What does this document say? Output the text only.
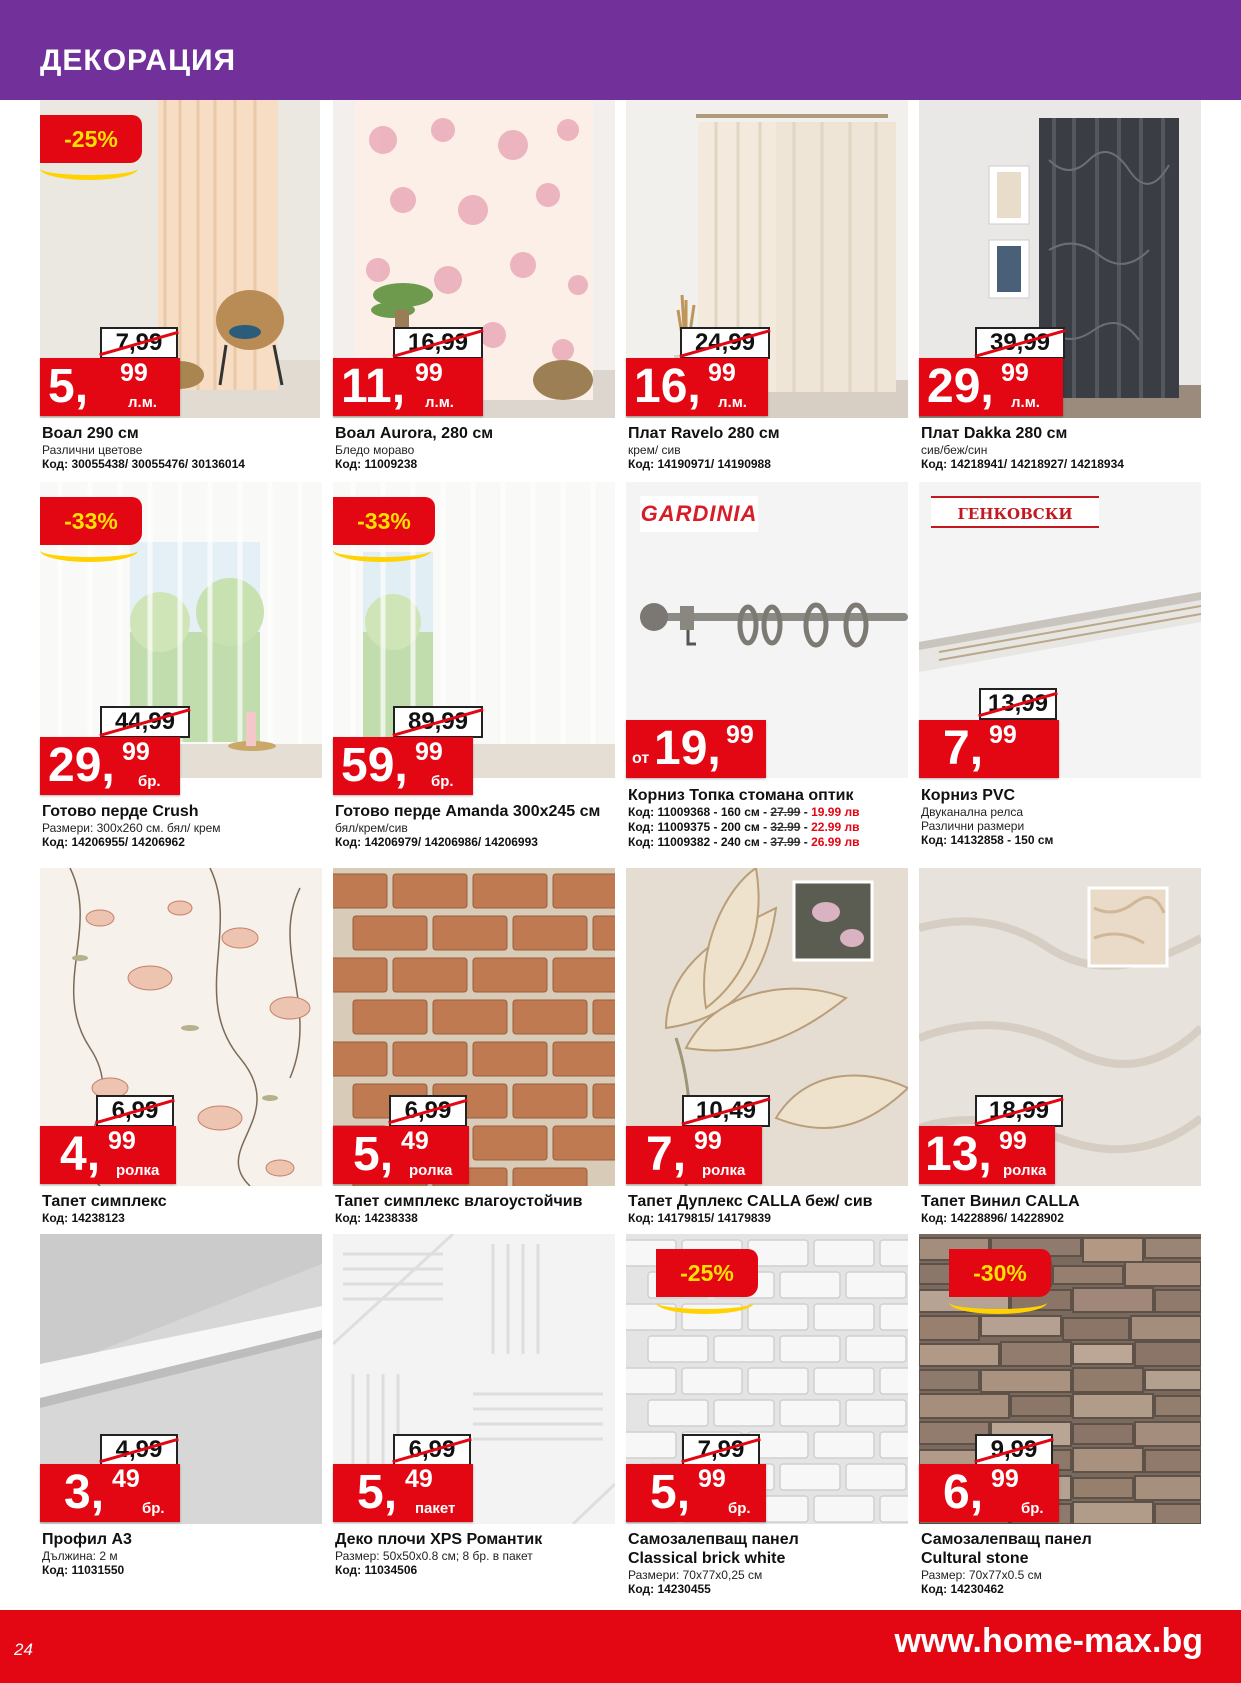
ДЕКОРАЦИЯ
-25%
7,99
5, 99
л.м.
Воал 290 см
Различни цветове
Код: 30055438/ 30055476/ 30136014
16,99
11, 99
л.м.
Воал Aurora, 280 см
Бледо мораво
Код: 11009238
24,99
16, 99
л.м.
Плат Ravelo 280 см
крем/ сив
Код: 14190971/ 14190988
39,99
29, 99
л.м.
Плат Dakka 280 см
сив/беж/син
Код: 14218941/ 14218927/ 14218934
-33%
44,99
29, 99
бр.
Готово перде Crush
Размери: 300x260 см. бял/ крем
Код: 14206955/ 14206962
-33%
89,99
59, 99
бр.
Готово перде Amanda 300x245 см
бял/крем/сив
Код: 14206979/ 14206986/ 14206993
GARDINIA
от 19, 99
Корниз Топка стомана оптик
Код: 11009368 - 160 см - 27.99 - 19.99 лв
Код: 11009375 - 200 см - 32.99 - 22.99 лв
Код: 11009382 - 240 см - 37.99 - 26.99 лв
ГЕНКОВСКИ
13,99
7, 99
Корниз PVC
Двуканална релса
Различни размери
Код: 14132858 - 150 см
6,99
4, 99
ролка
Тапет симплекс
Код: 14238123
6,99
5, 49
ролка
Тапет симплекс влагоустойчив
Код: 14238338
10,49
7, 99
ролка
Тапет Дуплекс CALLA беж/ сив
Код: 14179815/ 14179839
18,99
13, 99
ролка
Тапет Винил CALLA
Код: 14228896/ 14228902
4,99
3, 49
бр.
Профил А3
Дължина: 2 м
Код: 11031550
6,99
5, 49
пакет
Деко плочи XPS Романтик
Размер: 50x50x0.8 см; 8 бр. в пакет
Код: 11034506
-25%
7,99
5, 99
бр.
Самозалепващ панел Classical brick white
Размери: 70x77x0,25 см
Код: 14230455
-30%
9,99
6, 99
бр.
Самозалепващ панел Cultural stone
Размер: 70x77x0.5 см
Код: 14230462
24	www.home-max.bg
